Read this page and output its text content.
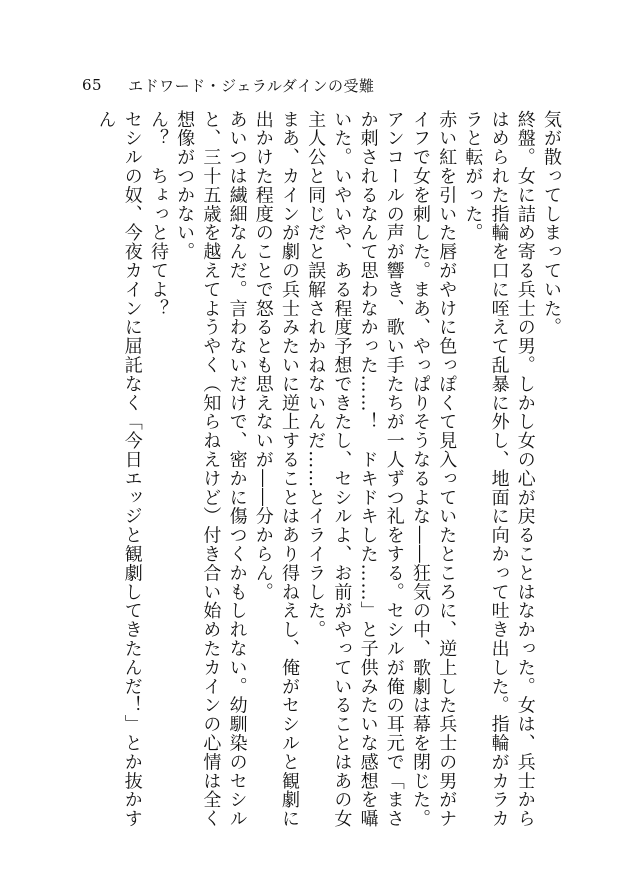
65 エドワード・ジェラルダインの受難

気が散ってしまっていた。

終盤。女に詰め寄る兵士の男。しかし女の心が戻ることはなかった。女は、兵士からはめられた指輪を口に咥えて乱暴に外し、地面に向かって吐き出した。指輪がカラカラと転がった。

赤い紅を引いた唇がやけに色っぽくて見入っていたところに、逆上した兵士の男がナイフで女を刺した。まあ、やっぱりそうなるよな――狂気の中、歌劇は幕を閉じた。

アンコールの声が響き、歌い手たちが一人ずつ礼をする。セシルが俺の耳元で「まさか刺されるなんて思わなかった……！　ドキドキした……」と子供みたいな感想を囁いた。いやいや、ある程度予想できたし、セシルよ、お前がやっていることはあの女主人公と同じだと誤解されかねないんだ……とイライラした。

まあ、カインが劇の兵士みたいに逆上することはあり得ねえし、俺がセシルと観劇に出かけた程度のことで怒るとも思えないが――分からん。

あいつは繊細なんだ。言わないだけで、密かに傷つくかもしれない。幼馴染のセシルと、三十五歳を越えてようやく（知らねえけど）付き合い始めたカインの心情は全く想像がつかない。

ん？　ちょっと待てよ？

セシルの奴、今夜カインに屈託なく「今日エッジと観劇してきたんだ！」とか抜かすん
